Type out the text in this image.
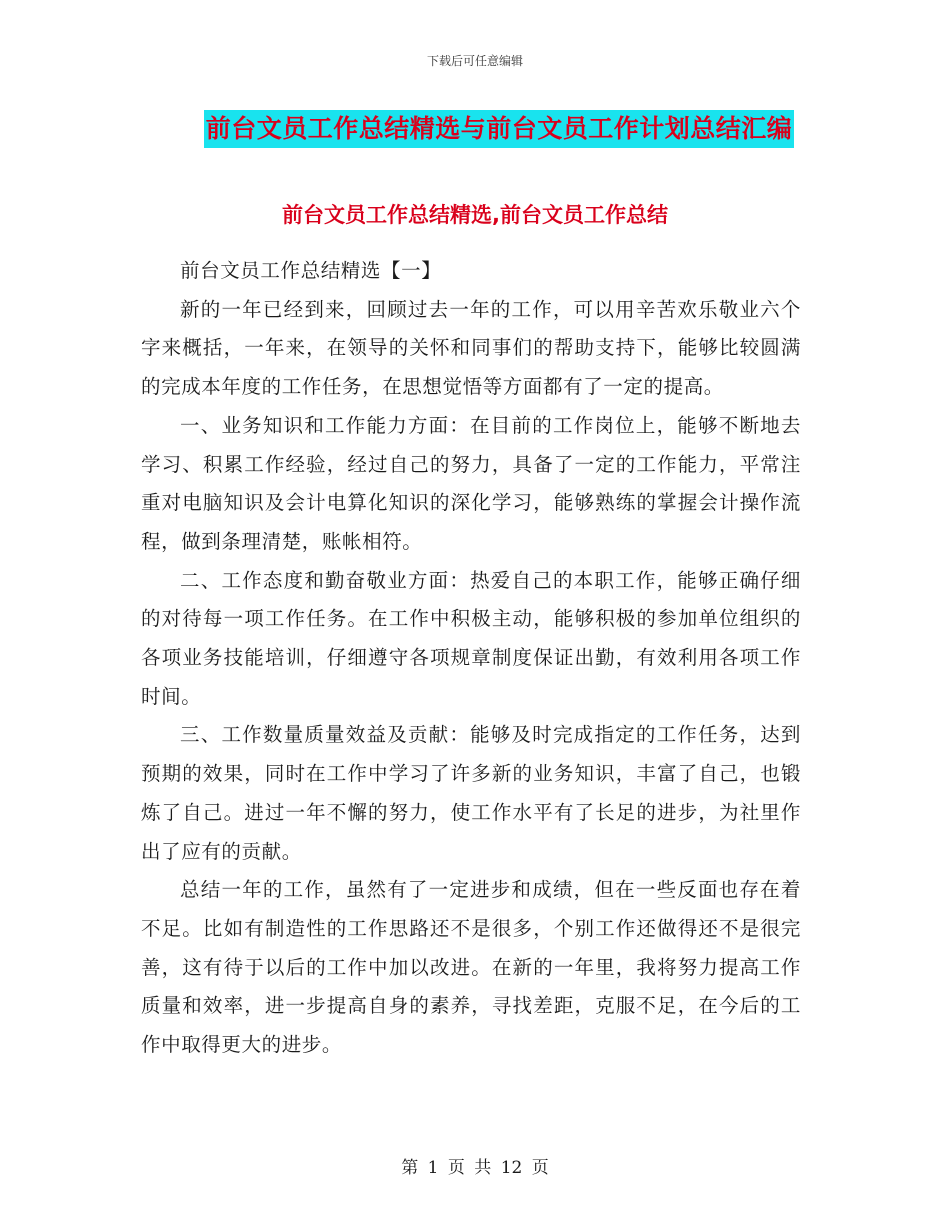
下载后可任意编辑
前台文员工作总结精选与前台文员工作计划总结汇编
前台文员工作总结精选,前台文员工作总结

前台文员工作总结精选【一】

新的一年已经到来，回顾过去一年的工作，可以用辛苦欢乐敬业六个字来概括，一年来，在领导的关怀和同事们的帮助支持下，能够比较圆满的完成本年度的工作任务，在思想觉悟等方面都有了一定的提高。

一、业务知识和工作能力方面：在目前的工作岗位上，能够不断地去学习、积累工作经验，经过自己的努力，具备了一定的工作能力，平常注重对电脑知识及会计电算化知识的深化学习，能够熟练的掌握会计操作流程，做到条理清楚，账帐相符。

二、工作态度和勤奋敬业方面：热爱自己的本职工作，能够正确仔细的对待每一项工作任务。在工作中积极主动，能够积极的参加单位组织的各项业务技能培训，仔细遵守各项规章制度保证出勤，有效利用各项工作时间。

三、工作数量质量效益及贡献：能够及时完成指定的工作任务，达到预期的效果，同时在工作中学习了许多新的业务知识，丰富了自己，也锻炼了自己。进过一年不懈的努力，使工作水平有了长足的进步，为社里作出了应有的贡献。

总结一年的工作，虽然有了一定进步和成绩，但在一些反面也存在着不足。比如有制造性的工作思路还不是很多，个别工作还做得还不是很完善，这有待于以后的工作中加以改进。在新的一年里，我将努力提高工作质量和效率，进一步提高自身的素养，寻找差距，克服不足，在今后的工作中取得更大的进步。

第 1 页 共 12 页
